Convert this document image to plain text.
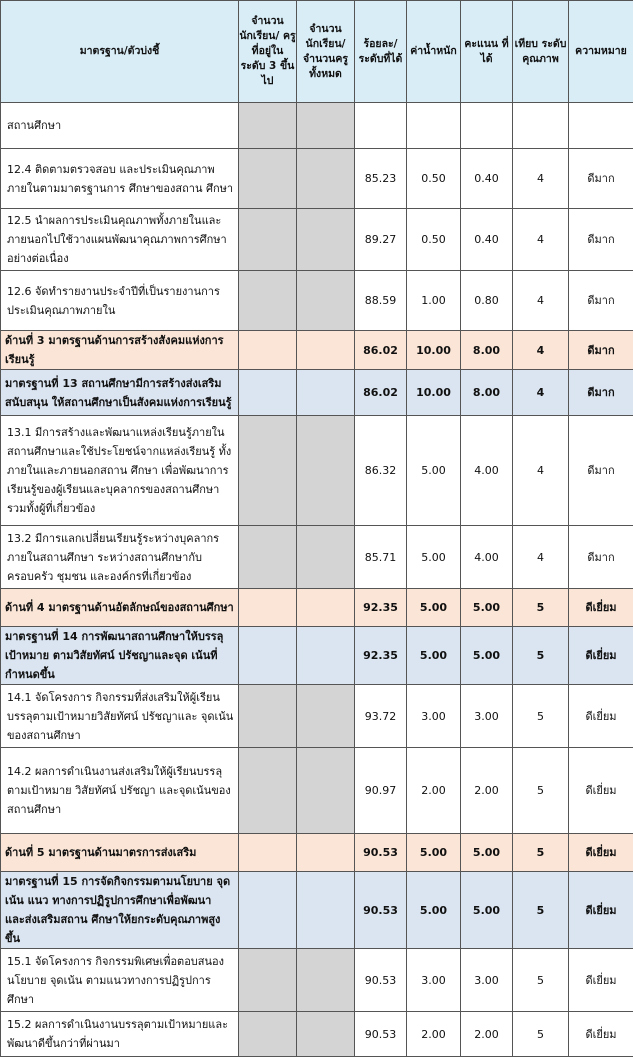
มาตรฐาน/ตัวบ่งชี้	จำนวน นักเรียน/ ครูที่อยู่ใน ระดับ 3 ขึ้นไป	จำนวน นักเรียน/ จำนวนครู ทั้งหมด	ร้อยละ/ ระดับที่ได้	ค่าน้ำหนัก	คะแนน ที่ได้	เทียบ ระดับ คุณภาพ	ความหมาย
สถานศึกษา							
12.4 ติดตามตรวจสอบ และประเมินคุณภาพ ภายในตามมาตรฐานการ ศึกษาของสถาน ศึกษา			85.23	0.50	0.40	4	ดีมาก
12.5 นำผลการประเมินคุณภาพทั้งภายในและ ภายนอกไปใช้วางแผนพัฒนาคุณภาพการศึกษา อย่างต่อเนื่อง			89.27	0.50	0.40	4	ดีมาก
12.6 จัดทำรายงานประจำปีที่เป็นรายงานการ ประเมินคุณภาพภายใน			88.59	1.00	0.80	4	ดีมาก
ด้านที่ 3 มาตรฐานด้านการสร้างสังคมแห่งการเรียนรู้			86.02	10.00	8.00	4	ดีมาก
มาตรฐานที่ 13 สถานศึกษามีการสร้างส่งเสริม สนับสนุน ให้สถานศึกษาเป็นสังคมแห่งการเรียนรู้			86.02	10.00	8.00	4	ดีมาก
13.1 มีการสร้างและพัฒนาแหล่งเรียนรู้ภายใน สถานศึกษาและใช้ประโยชน์จากแหล่งเรียนรู้ ทั้ง ภายในและภายนอกสถาน ศึกษา เพื่อพัฒนาการ เรียนรู้ของผู้เรียนและบุคลากรของสถานศึกษา รวมทั้งผู้ที่เกี่ยวข้อง			86.32	5.00	4.00	4	ดีมาก
13.2 มีการแลกเปลี่ยนเรียนรู้ระหว่างบุคลากร ภายในสถานศึกษา ระหว่างสถานศึกษากับ ครอบครัว ชุมชน และองค์กรที่เกี่ยวข้อง			85.71	5.00	4.00	4	ดีมาก
ด้านที่ 4 มาตรฐานด้านอัตลักษณ์ของสถานศึกษา			92.35	5.00	5.00	5	ดีเยี่ยม
มาตรฐานที่ 14 การพัฒนาสถานศึกษาให้บรรลุเป้าหมาย ตามวิสัยทัศน์ ปรัชญาและจุด เน้นที่กำหนดขึ้น			92.35	5.00	5.00	5	ดีเยี่ยม
14.1 จัดโครงการ กิจกรรมที่ส่งเสริมให้ผู้เรียน บรรลุตามเป้าหมายวิสัยทัศน์ ปรัชญาและ จุดเน้น ของสถานศึกษา			93.72	3.00	3.00	5	ดีเยี่ยม
14.2 ผลการดำเนินงานส่งเสริมให้ผู้เรียนบรรลุ ตามเป้าหมาย วิสัยทัศน์ ปรัชญา และจุดเน้นของ สถานศึกษา			90.97	2.00	2.00	5	ดีเยี่ยม
ด้านที่ 5 มาตรฐานด้านมาตรการส่งเสริม			90.53	5.00	5.00	5	ดีเยี่ยม
มาตรฐานที่ 15 การจัดกิจกรรมตามนโยบาย จุดเน้น แนว ทางการปฏิรูปการศึกษาเพื่อพัฒนา และส่งเสริมสถาน ศึกษาให้ยกระดับคุณภาพสูงขึ้น			90.53	5.00	5.00	5	ดีเยี่ยม
15.1 จัดโครงการ กิจกรรมพิเศษเพื่อตอบสนอง นโยบาย จุดเน้น ตามแนวทางการปฏิรูปการ ศึกษา			90.53	3.00	3.00	5	ดีเยี่ยม
15.2 ผลการดำเนินงานบรรลุตามเป้าหมายและ พัฒนาดีขึ้นกว่าที่ผ่านมา			90.53	2.00	2.00	5	ดีเยี่ยม
